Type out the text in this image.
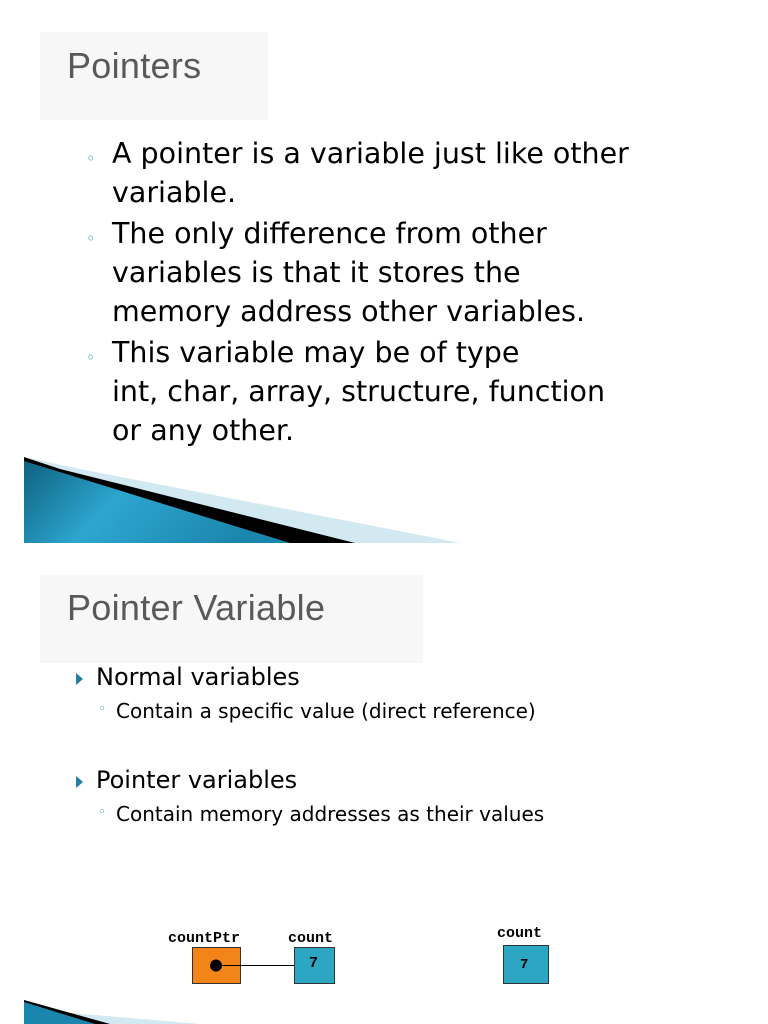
Pointers
◦ A pointer is a variable just like other
variable.
◦ The only difference from other
variables is that it stores the
memory address other variables.
◦ This variable may be of type
int, char, array, structure, function
or any other.
Pointer Variable
Normal variables
◦ Contain a specific value (direct reference)
Pointer variables
◦ Contain memory addresses as their values
countPtr	count
7
count
7
